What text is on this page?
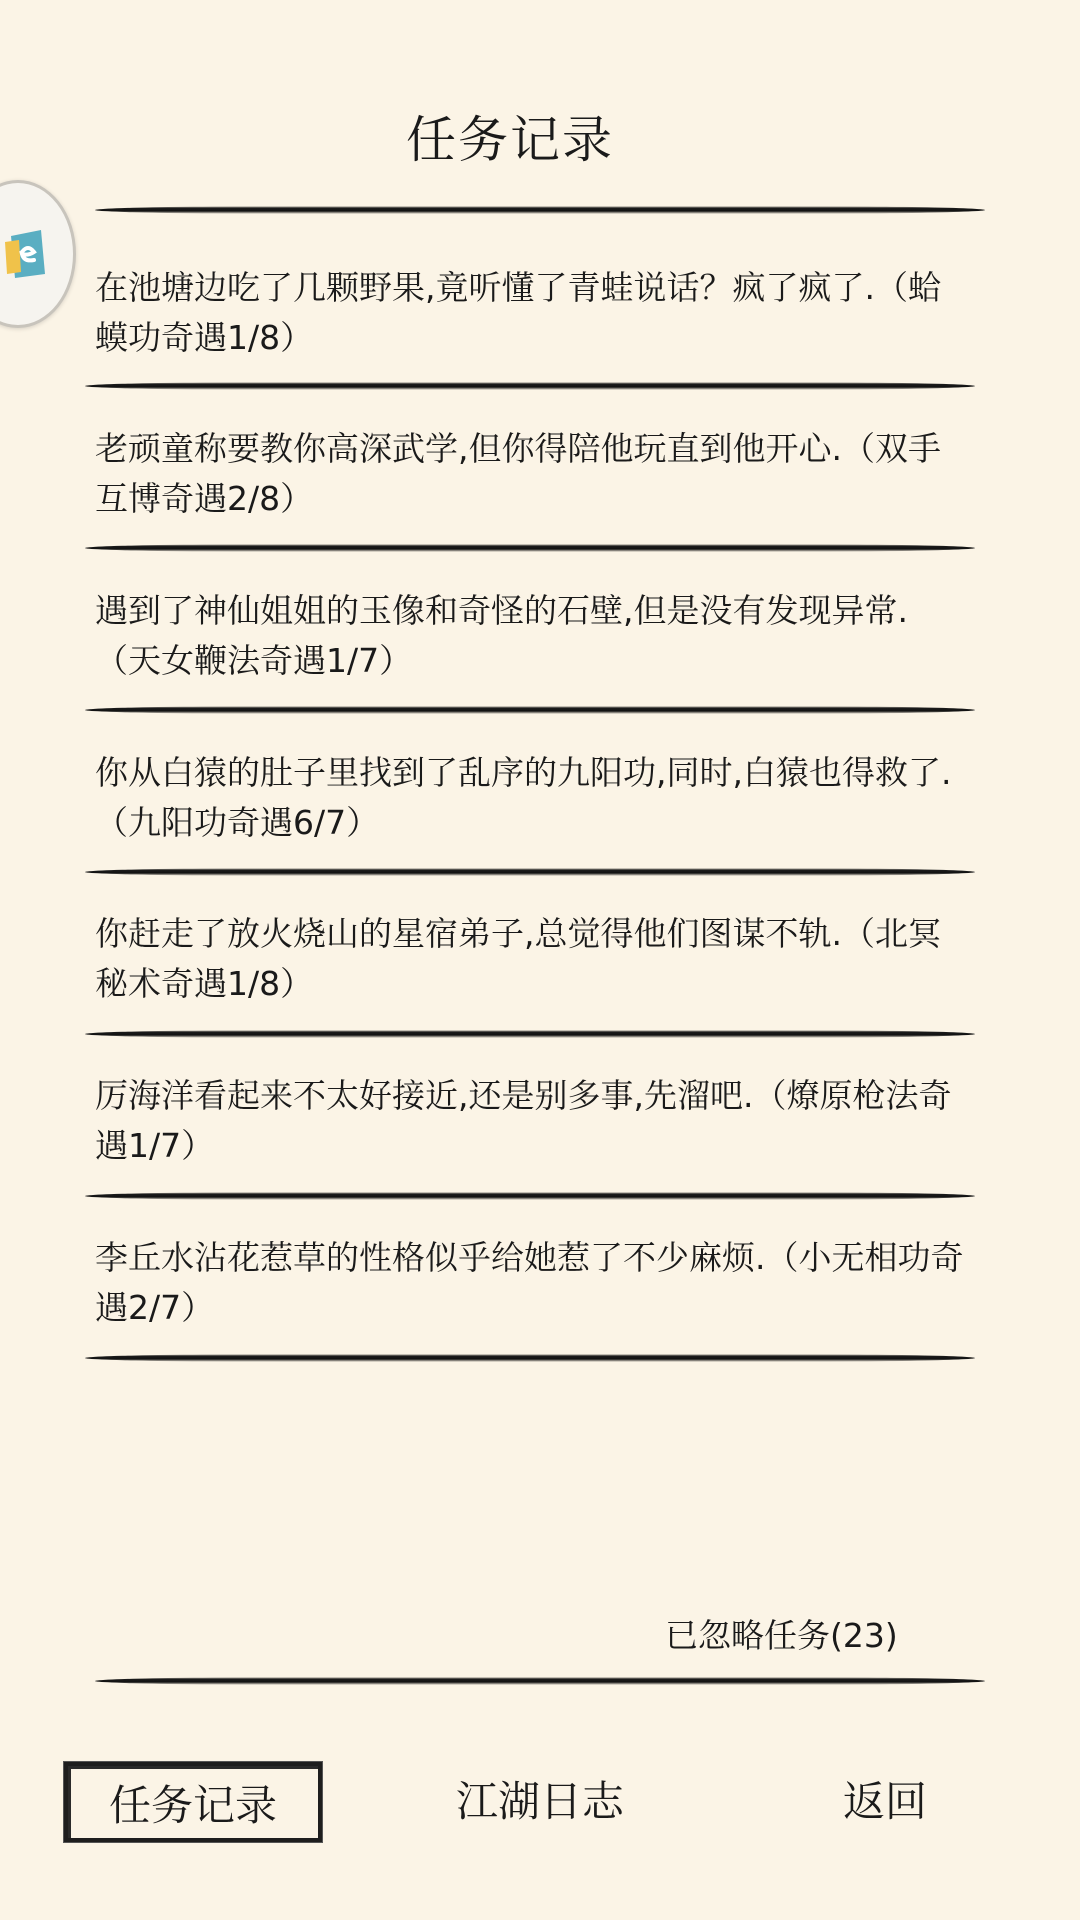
任务记录
在池塘边吃了几颗野果,竟听懂了青蛙说话？疯了疯了.（蛤蟆功奇遇1/8）
老顽童称要教你高深武学,但你得陪他玩直到他开心.（双手互博奇遇2/8）
遇到了神仙姐姐的玉像和奇怪的石壁,但是没有发现异常.（天女鞭法奇遇1/7）
你从白猿的肚子里找到了乱序的九阳功,同时,白猿也得救了.（九阳功奇遇6/7）
你赶走了放火烧山的星宿弟子,总觉得他们图谋不轨.（北冥秘术奇遇1/8）
厉海洋看起来不太好接近,还是别多事,先溜吧.（燎原枪法奇遇1/7）
李丘水沾花惹草的性格似乎给她惹了不少麻烦.（小无相功奇遇2/7）
已忽略任务(23)
任务记录	江湖日志	返回
